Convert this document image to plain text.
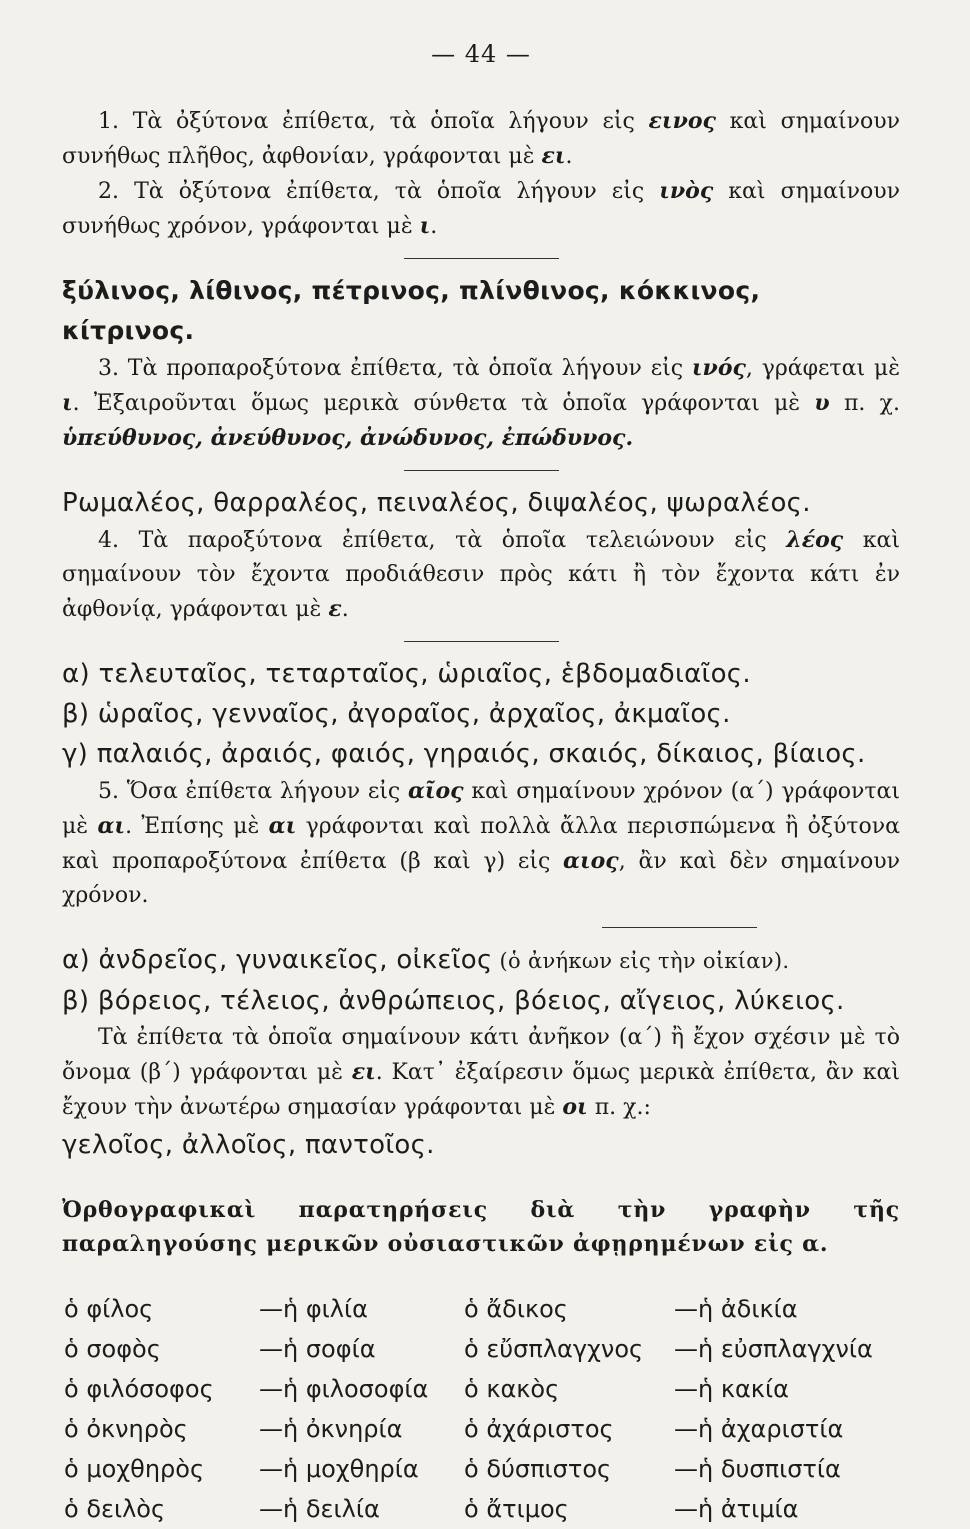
— 44 —

1. Τὰ ὀξύτονα ἐπίθετα, τὰ ὁποῖα λήγουν εἰς εινος καὶ σημαίνουν συνήθως πλῆθος, ἀφθονίαν, γράφονται μὲ ει.

2. Τὰ ὀξύτονα ἐπίθετα, τὰ ὁποῖα λήγουν εἰς ινὸς καὶ σημαίνουν συνήθως χρόνον, γράφονται μὲ ι.

ξύλινος, λίθινος, πέτρινος, πλίνθινος, κόκκινος, κίτρινος.

3. Τὰ προπαροξύτονα ἐπίθετα, τὰ ὁποῖα λήγουν εἰς ινός, γράφεται μὲ ι. Ἐξαιροῦνται ὅμως μερικὰ σύνθετα τὰ ὁποῖα γράφονται μὲ υ π. χ. ὑπεύθυνος, ἀνεύθυνος, ἀνώδυνος, ἐπώδυνος.

Ρωμαλέος, θαρραλέος, πειναλέος, διψαλέος, ψωραλέος.

4. Τὰ παροξύτονα ἐπίθετα, τὰ ὁποῖα τελειώνουν εἰς λέος καὶ σημαίνουν τὸν ἔχοντα προδιάθεσιν πρὸς κάτι ἢ τὸν ἔχοντα κάτι ἐν ἀφθονίᾳ, γράφονται μὲ ε.

α) τελευταῖος, τεταρταῖος, ὡριαῖος, ἑβδομαδιαῖος.

β) ὡραῖος, γενναῖος, ἀγοραῖος, ἀρχαῖος, ἀκμαῖος.

γ) παλαιός, ἀραιός, φαιός, γηραιός, σκαιός, δίκαιος, βίαιος.

5. Ὅσα ἐπίθετα λήγουν εἰς αῖος καὶ σημαίνουν χρόνον (α΄) γράφονται μὲ αι. Ἐπίσης μὲ αι γράφονται καὶ πολλὰ ἄλλα περισπώμενα ἢ ὀξύτονα καὶ προπαροξύτονα ἐπίθετα (β καὶ γ) εἰς αιος, ἂν καὶ δὲν σημαίνουν χρόνον.

α) ἀνδρεῖος, γυναικεῖος, οἰκεῖος (ὁ ἀνήκων εἰς τὴν οἰκίαν).

β) βόρειος, τέλειος, ἀνθρώπειος, βόειος, αἴγειος, λύκειος.

Τὰ ἐπίθετα τὰ ὁποῖα σημαίνουν κάτι ἀνῆκον (α΄) ἢ ἔχον σχέσιν μὲ τὸ ὄνομα (β΄) γράφονται μὲ ει. Κατ᾽ ἐξαίρεσιν ὅμως μερικὰ ἐπίθετα, ἂν καὶ ἔχουν τὴν ἀνωτέρω σημασίαν γράφονται μὲ οι π. χ.:

γελοῖος, ἀλλοῖος, παντοῖος.

Ὀρθογραφικαὶ παρατηρήσεις διὰ τὴν γραφὴν τῆς παραληγούσης μερικῶν οὐσιαστικῶν ἀφῃρημένων εἰς α.
ὁ φίλος	—ἡ φιλία	ὁ ἄδικος	—ἡ ἀδικία
ὁ σοφὸς	—ἡ σοφία	ὁ εὔσπλαγχνος	—ἡ εὐσπλαγχνία
ὁ φιλόσοφος	—ἡ φιλοσοφία	ὁ κακὸς	—ἡ κακία
ὁ ὀκνηρὸς	—ἡ ὀκνηρία	ὁ ἀχάριστος	—ἡ ἀχαριστία
ὁ μοχθηρὸς	—ἡ μοχθηρία	ὁ δύσπιστος	—ἡ δυσπιστία
ὁ δειλὸς	—ἡ δειλία	ὁ ἄτιμος	—ἡ ἀτιμία
